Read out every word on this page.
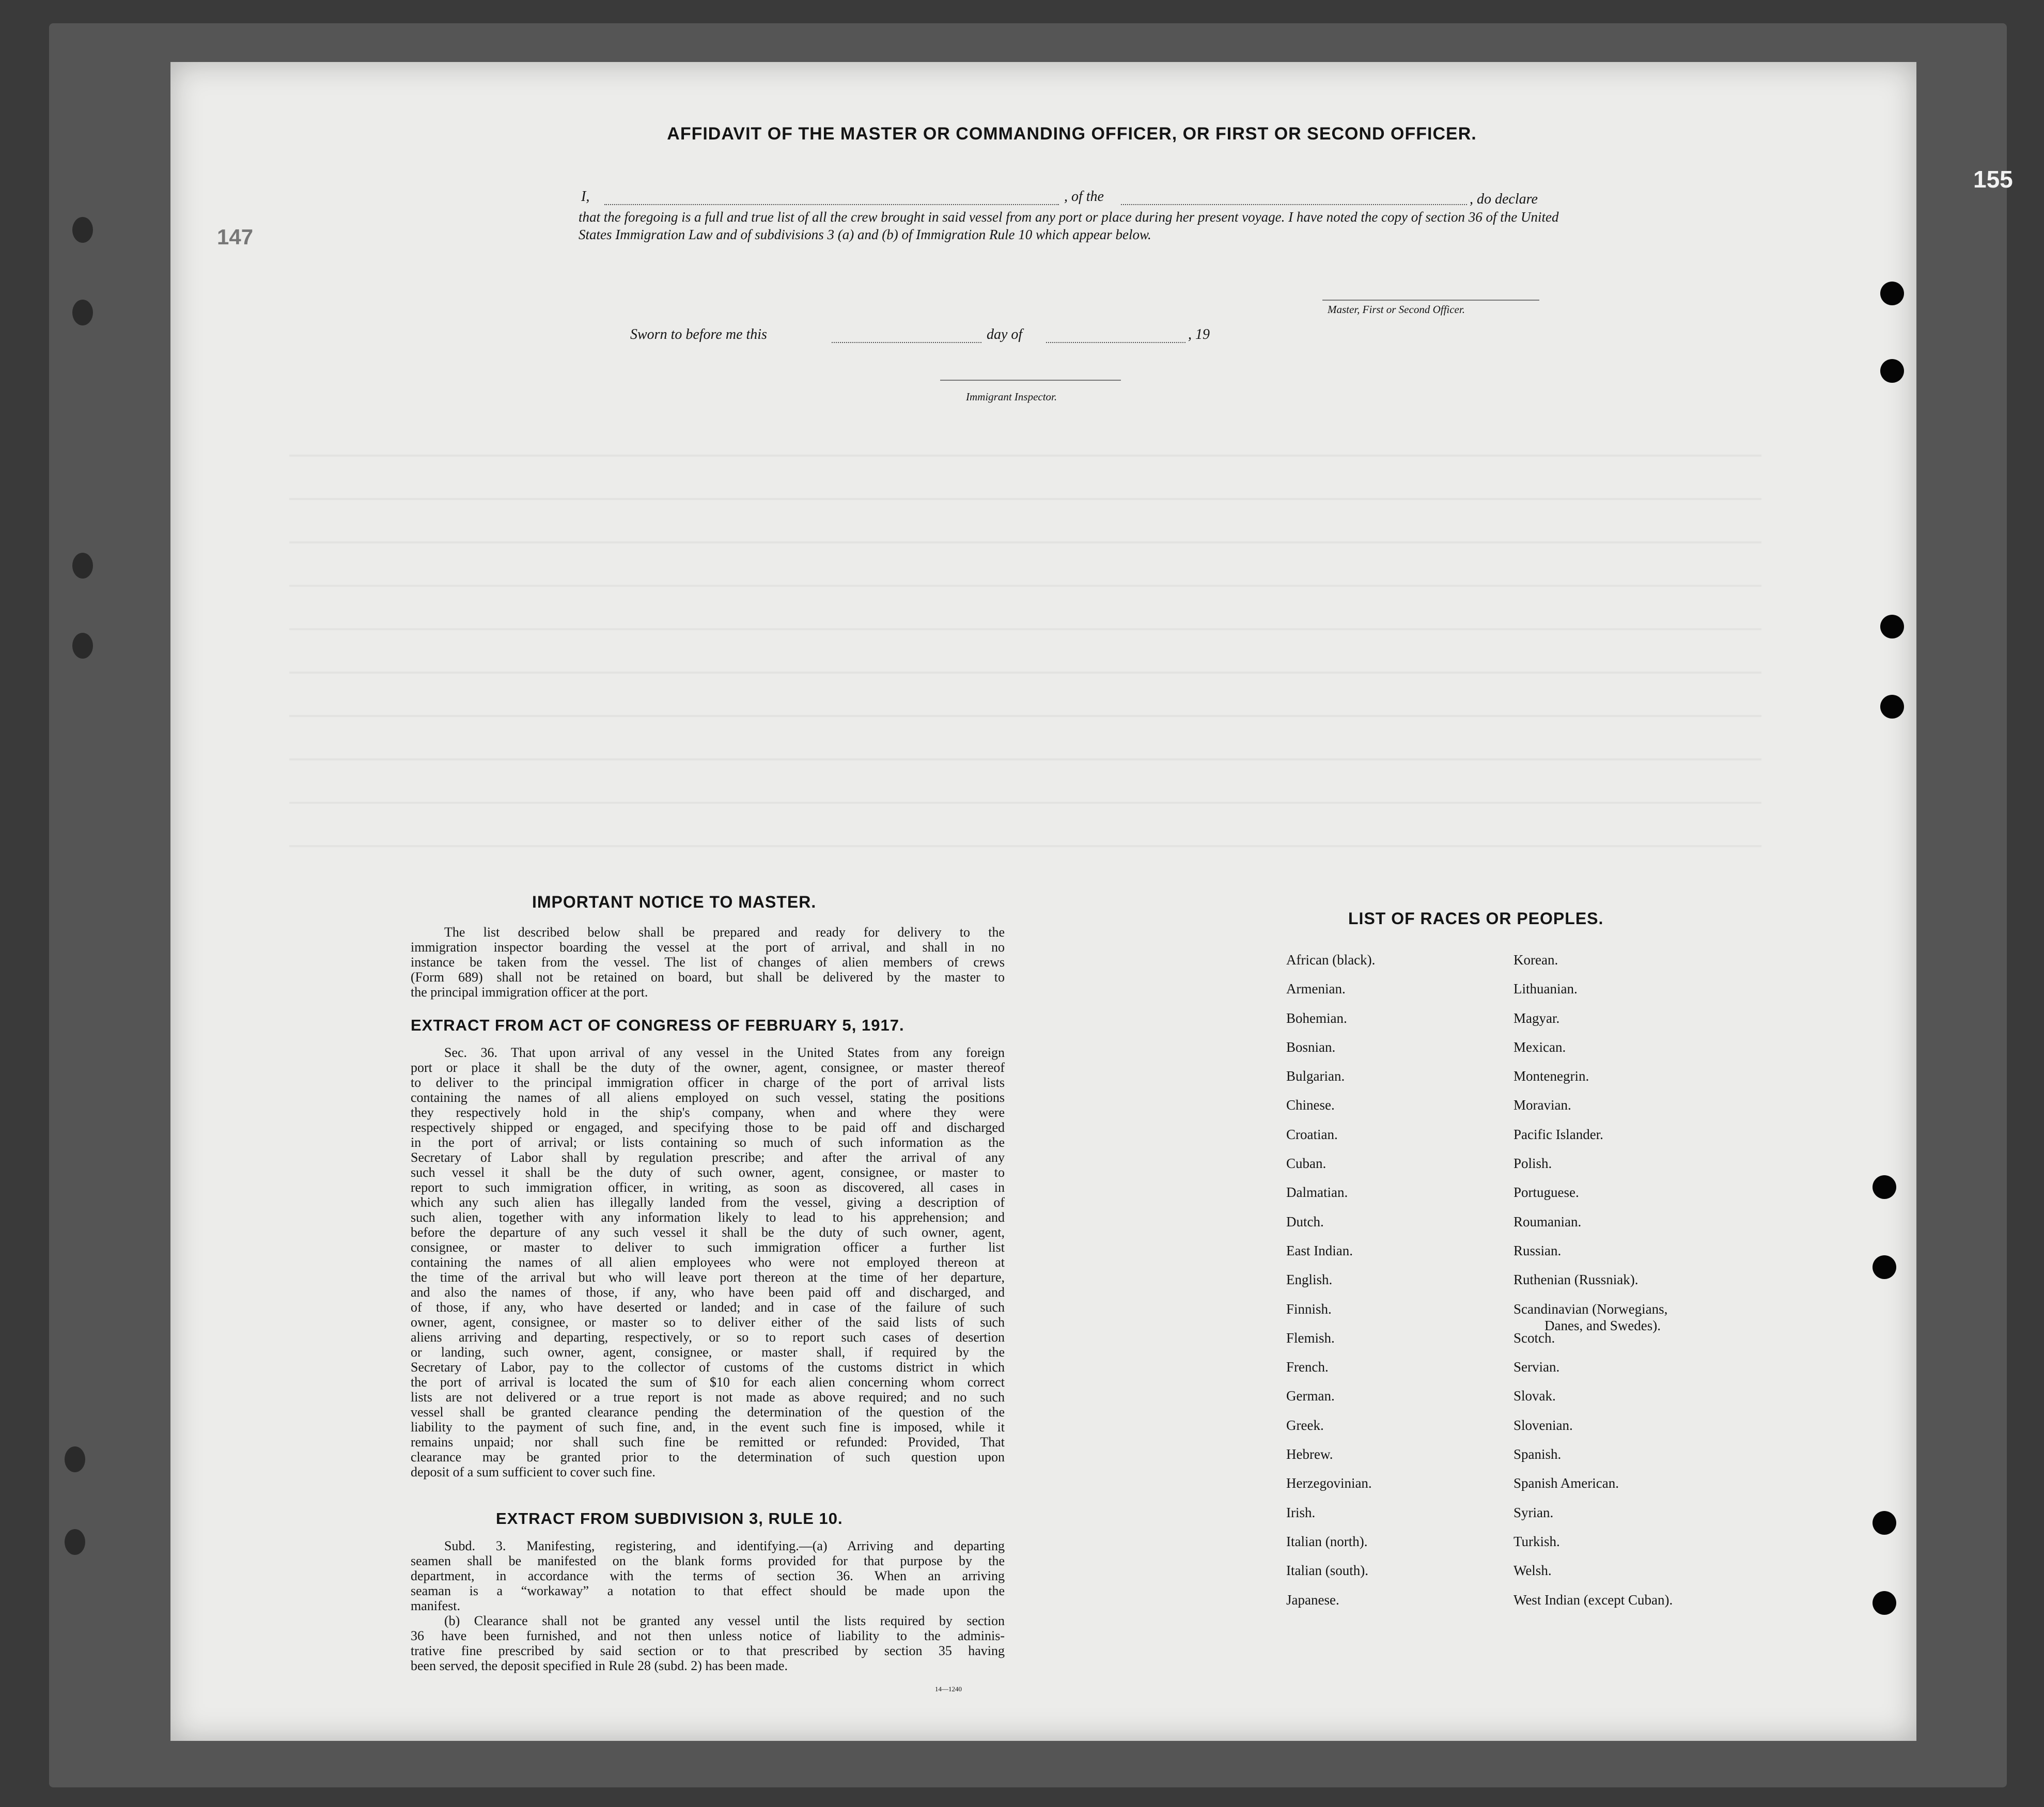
155
147
AFFIDAVIT OF THE MASTER OR COMMANDING OFFICER, OR FIRST OR SECOND OFFICER.
I,	, of the	, do declare
that the foregoing is a full and true list of all the crew brought in said vessel from any port or place during her present voyage. I have noted the copy of section 36 of the United States Immigration Law and of subdivisions 3 (a) and (b) of Immigration Rule 10 which appear below.
Master, First or Second Officer.
Sworn to before me this	day of	, 19
Immigrant Inspector.
IMPORTANT NOTICE TO MASTER.
The list described below shall be prepared and ready for delivery to the
immigration inspector boarding the vessel at the port of arrival, and shall in no
instance be taken from the vessel. The list of changes of alien members of crews
(Form 689) shall not be retained on board, but shall be delivered by the master to
the principal immigration officer at the port.
EXTRACT FROM ACT OF CONGRESS OF FEBRUARY 5, 1917.
Sec. 36. That upon arrival of any vessel in the United States from any foreign
port or place it shall be the duty of the owner, agent, consignee, or master thereof
to deliver to the principal immigration officer in charge of the port of arrival lists
containing the names of all aliens employed on such vessel, stating the positions
they respectively hold in the ship's company, when and where they were
respectively shipped or engaged, and specifying those to be paid off and discharged
in the port of arrival; or lists containing so much of such information as the
Secretary of Labor shall by regulation prescribe; and after the arrival of any
such vessel it shall be the duty of such owner, agent, consignee, or master to
report to such immigration officer, in writing, as soon as discovered, all cases in
which any such alien has illegally landed from the vessel, giving a description of
such alien, together with any information likely to lead to his apprehension; and
before the departure of any such vessel it shall be the duty of such owner, agent,
consignee, or master to deliver to such immigration officer a further list
containing the names of all alien employees who were not employed thereon at
the time of the arrival but who will leave port thereon at the time of her departure,
and also the names of those, if any, who have been paid off and discharged, and
of those, if any, who have deserted or landed; and in case of the failure of such
owner, agent, consignee, or master so to deliver either of the said lists of such
aliens arriving and departing, respectively, or so to report such cases of desertion
or landing, such owner, agent, consignee, or master shall, if required by the
Secretary of Labor, pay to the collector of customs of the customs district in which
the port of arrival is located the sum of $10 for each alien concerning whom correct
lists are not delivered or a true report is not made as above required; and no such
vessel shall be granted clearance pending the determination of the question of the
liability to the payment of such fine, and, in the event such fine is imposed, while it
remains unpaid; nor shall such fine be remitted or refunded: Provided, That
clearance may be granted prior to the determination of such question upon
deposit of a sum sufficient to cover such fine.
EXTRACT FROM SUBDIVISION 3, RULE 10.
Subd. 3. Manifesting, registering, and identifying.—(a) Arriving and departing
seamen shall be manifested on the blank forms provided for that purpose by the
department, in accordance with the terms of section 36. When an arriving
seaman is a “workaway” a notation to that effect should be made upon the
manifest.
(b) Clearance shall not be granted any vessel until the lists required by section
36 have been furnished, and not then unless notice of liability to the adminis-
trative fine prescribed by said section or to that prescribed by section 35 having
been served, the deposit specified in Rule 28 (subd. 2) has been made.
14—1240
LIST OF RACES OR PEOPLES.
African (black).
Armenian.
Bohemian.
Bosnian.
Bulgarian.
Chinese.
Croatian.
Cuban.
Dalmatian.
Dutch.
East Indian.
English.
Finnish.
Flemish.
French.
German.
Greek.
Hebrew.
Herzegovinian.
Irish.
Italian (north).
Italian (south).
Japanese.
Korean.
Lithuanian.
Magyar.
Mexican.
Montenegrin.
Moravian.
Pacific Islander.
Polish.
Portuguese.
Roumanian.
Russian.
Ruthenian (Russniak).
Scandinavian (Norwegians,
Danes, and Swedes).
Scotch.
Servian.
Slovak.
Slovenian.
Spanish.
Spanish American.
Syrian.
Turkish.
Welsh.
West Indian (except Cuban).
